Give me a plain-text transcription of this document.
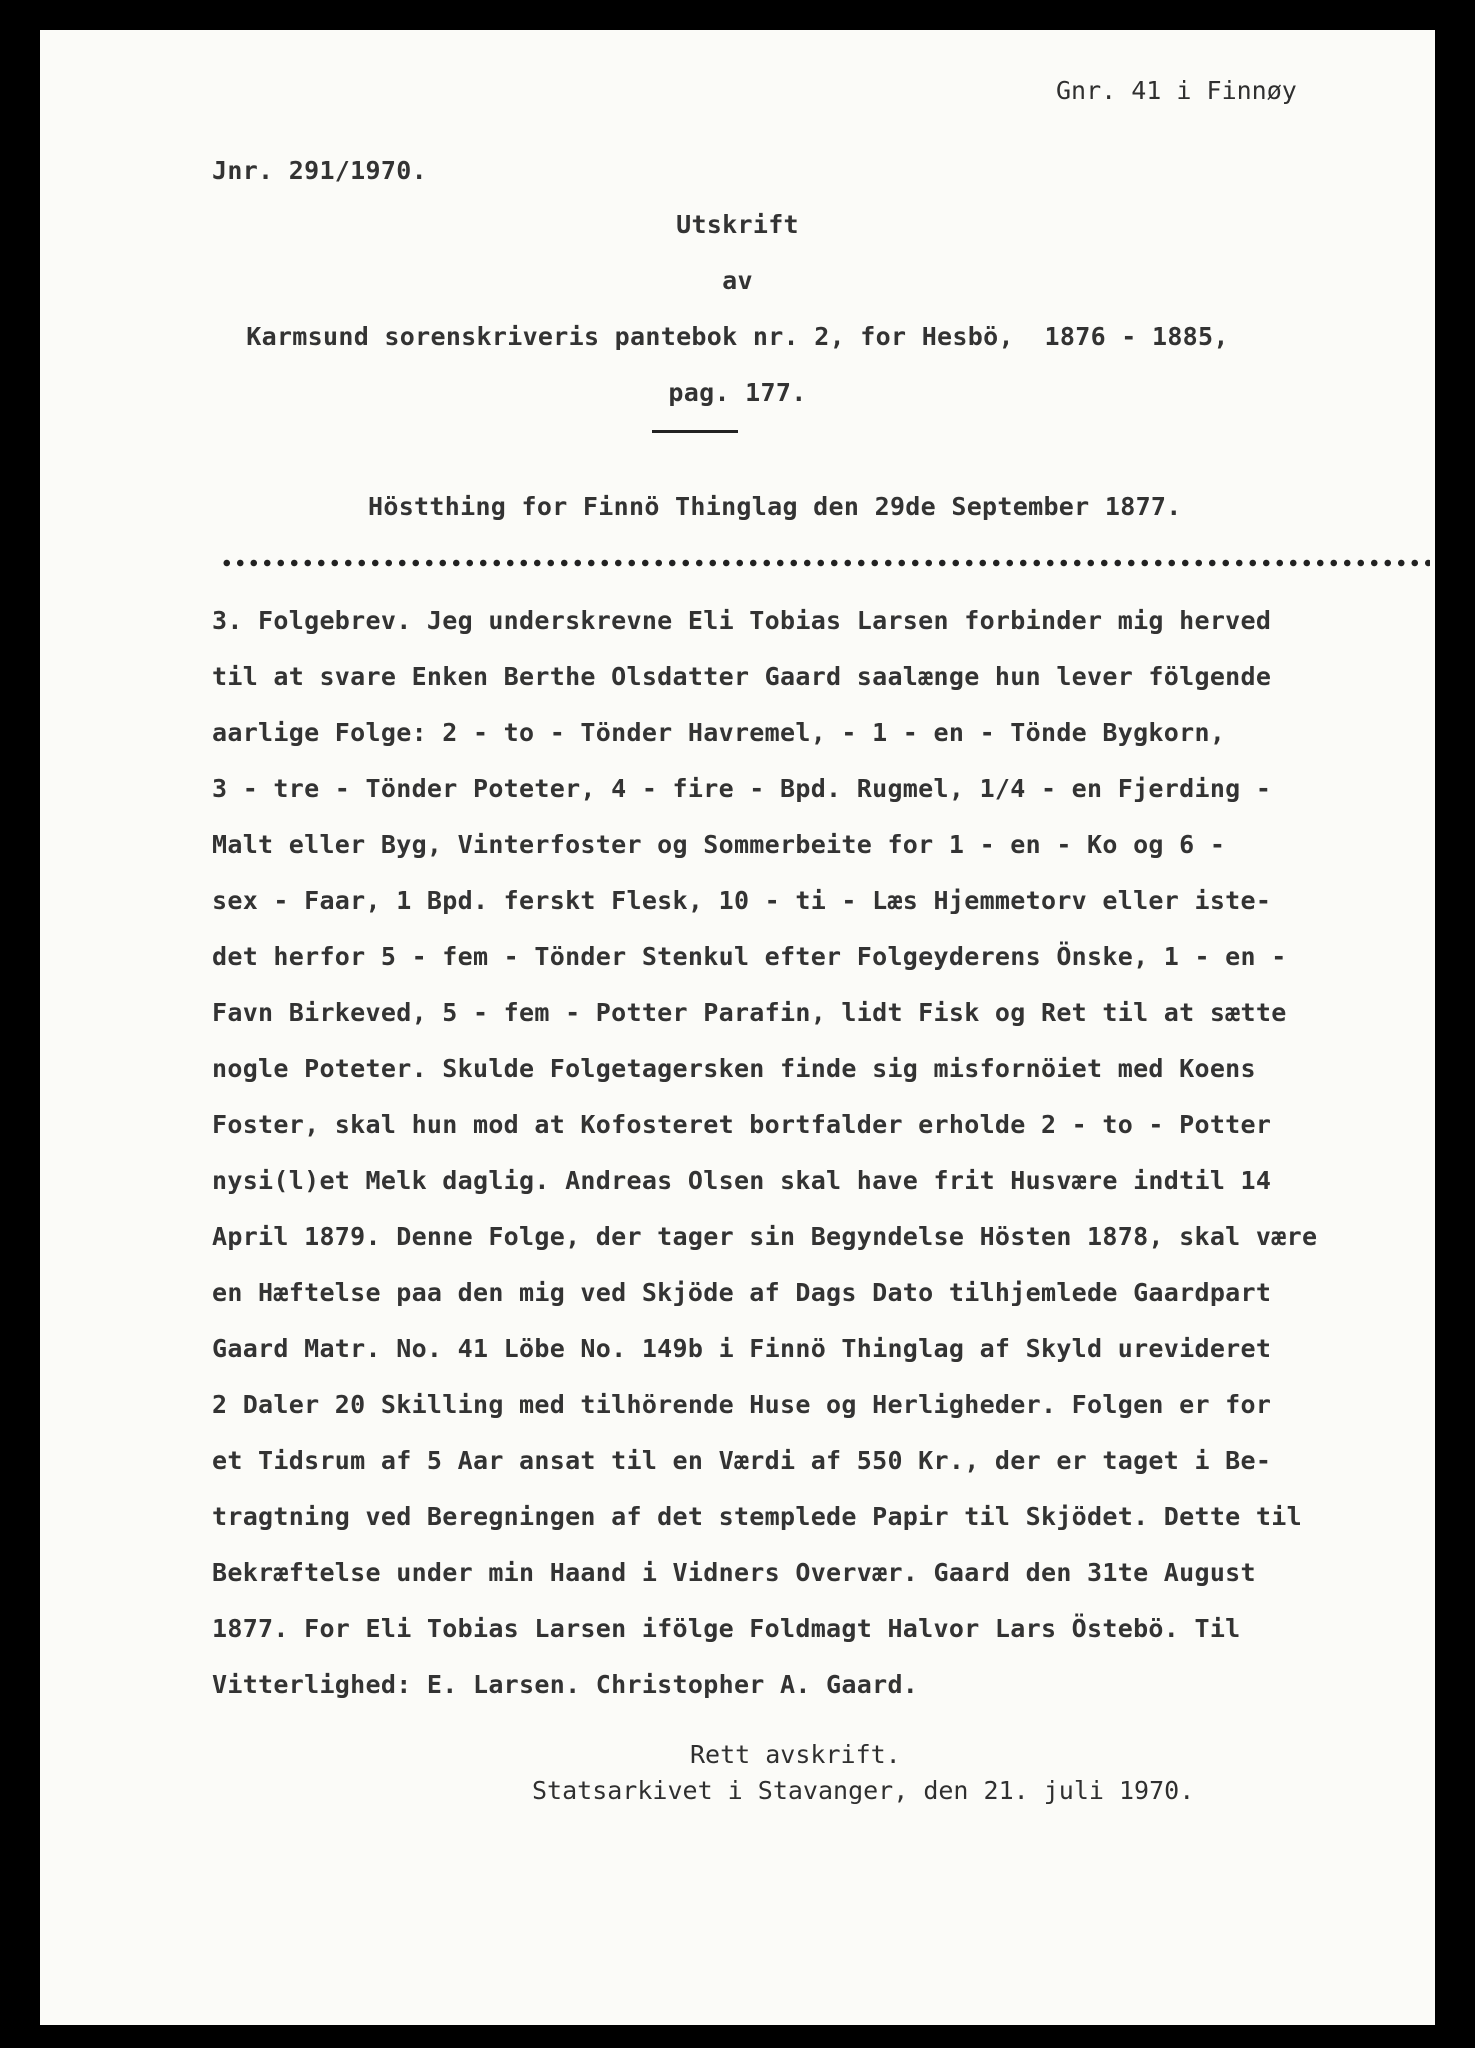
Gnr. 41 i Finnøy
Jnr. 291/1970.
Utskrift
av
Karmsund sorenskriveris pantebok nr. 2, for Hesbö,  1876 - 1885,
pag. 177.
Höstthing for Finnö Thinglag den 29de September 1877.
3. Folgebrev. Jeg underskrevne Eli Tobias Larsen forbinder mig herved
til at svare Enken Berthe Olsdatter Gaard saalænge hun lever fölgende
aarlige Folge: 2 - to - Tönder Havremel, - 1 - en - Tönde Bygkorn,
3 - tre - Tönder Poteter, 4 - fire - Bpd. Rugmel, 1/4 - en Fjerding -
Malt eller Byg, Vinterfoster og Sommerbeite for 1 - en - Ko og 6 -
sex - Faar, 1 Bpd. ferskt Flesk, 10 - ti - Læs Hjemmetorv eller iste-
det herfor 5 - fem - Tönder Stenkul efter Folgeyderens Önske, 1 - en -
Favn Birkeved, 5 - fem - Potter Parafin, lidt Fisk og Ret til at sætte
nogle Poteter. Skulde Folgetagersken finde sig misfornöiet med Koens
Foster, skal hun mod at Kofosteret bortfalder erholde 2 - to - Potter
nysi(l)et Melk daglig. Andreas Olsen skal have frit Husvære indtil 14
April 1879. Denne Folge, der tager sin Begyndelse Hösten 1878, skal være
en Hæftelse paa den mig ved Skjöde af Dags Dato tilhjemlede Gaardpart
Gaard Matr. No. 41 Löbe No. 149b i Finnö Thinglag af Skyld urevideret
2 Daler 20 Skilling med tilhörende Huse og Herligheder. Folgen er for
et Tidsrum af 5 Aar ansat til en Værdi af 550 Kr., der er taget i Be-
tragtning ved Beregningen af det stemplede Papir til Skjödet. Dette til
Bekræftelse under min Haand i Vidners Overvær. Gaard den 31te August
1877. For Eli Tobias Larsen ifölge Foldmagt Halvor Lars Östebö. Til
Vitterlighed: E. Larsen. Christopher A. Gaard.
Rett avskrift.
Statsarkivet i Stavanger, den 21. juli 1970.
